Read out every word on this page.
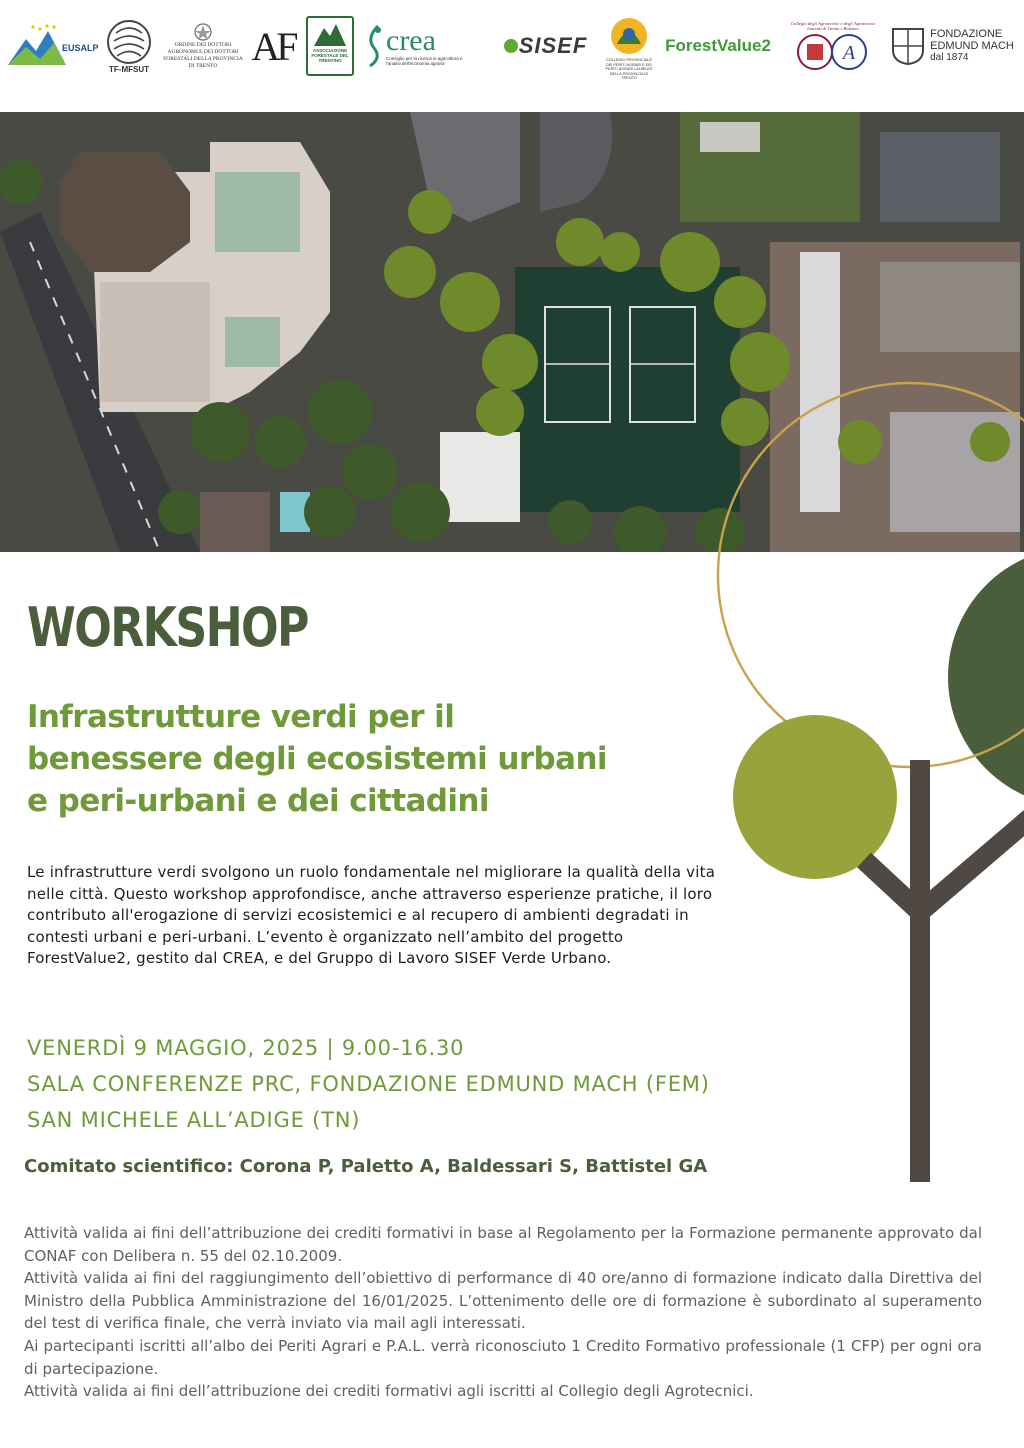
EUSALP
TF-MFSUT
ORDINE DEI DOTTORI AGRONOMI E DEI DOTTORI FORESTALI DELLA PROVINCIA DI TRENTO AF	ASSOCIAZIONE FORESTALE DEL TRENTINO
crea
Consiglio per la ricerca in agricoltura e l'analisi dell'economia agraria
SISEF
COLLEGIO PROVINCIALE DEI PERITI AGRARI E DEI PERITI AGRARI LAUREATI DELLA PROVINCIA DI TRENTO
ForestValue2
Collegio degli Agrotecnici e degli Agrotecnici laureati di Trento e Bolzano
A
FONDAZIONE
EDMUND MACH
dal 1874
WORKSHOP
Infrastrutture verdi per il
benessere degli ecosistemi urbani
e peri-urbani e dei cittadini

Le infrastrutture verdi svolgono un ruolo fondamentale nel migliorare la qualità della vita nelle città. Questo workshop approfondisce, anche attraverso esperienze pratiche, il loro contributo all'erogazione di servizi ecosistemici e al recupero di ambienti degradati in contesti urbani e peri-urbani. L’evento è organizzato nell’ambito del progetto ForestValue2, gestito dal CREA, e del Gruppo di Lavoro SISEF Verde Urbano.

VENERDÌ 9 MAGGIO, 2025 | 9.00-16.30
SALA CONFERENZE PRC, FONDAZIONE EDMUND MACH (FEM)
SAN MICHELE ALL’ADIGE (TN)
Comitato scientifico: Corona P, Paletto A, Baldessari S, Battistel GA

Attività valida ai fini dell’attribuzione dei crediti formativi in base al Regolamento per la Formazione permanente approvato dal CONAF con Delibera n. 55 del 02.10.2009.

Attività valida ai fini del raggiungimento dell’obiettivo di performance di 40 ore/anno di formazione indicato dalla Direttiva del Ministro della Pubblica Amministrazione del 16/01/2025. L’ottenimento delle ore di formazione è subordinato al superamento del test di verifica finale, che verrà inviato via mail agli interessati.

Ai partecipanti iscritti all’albo dei Periti Agrari e P.A.L. verrà riconosciuto 1 Credito Formativo professionale (1 CFP) per ogni ora di partecipazione.

Attività valida ai fini dell’attribuzione dei crediti formativi agli iscritti al Collegio degli Agrotecnici.
